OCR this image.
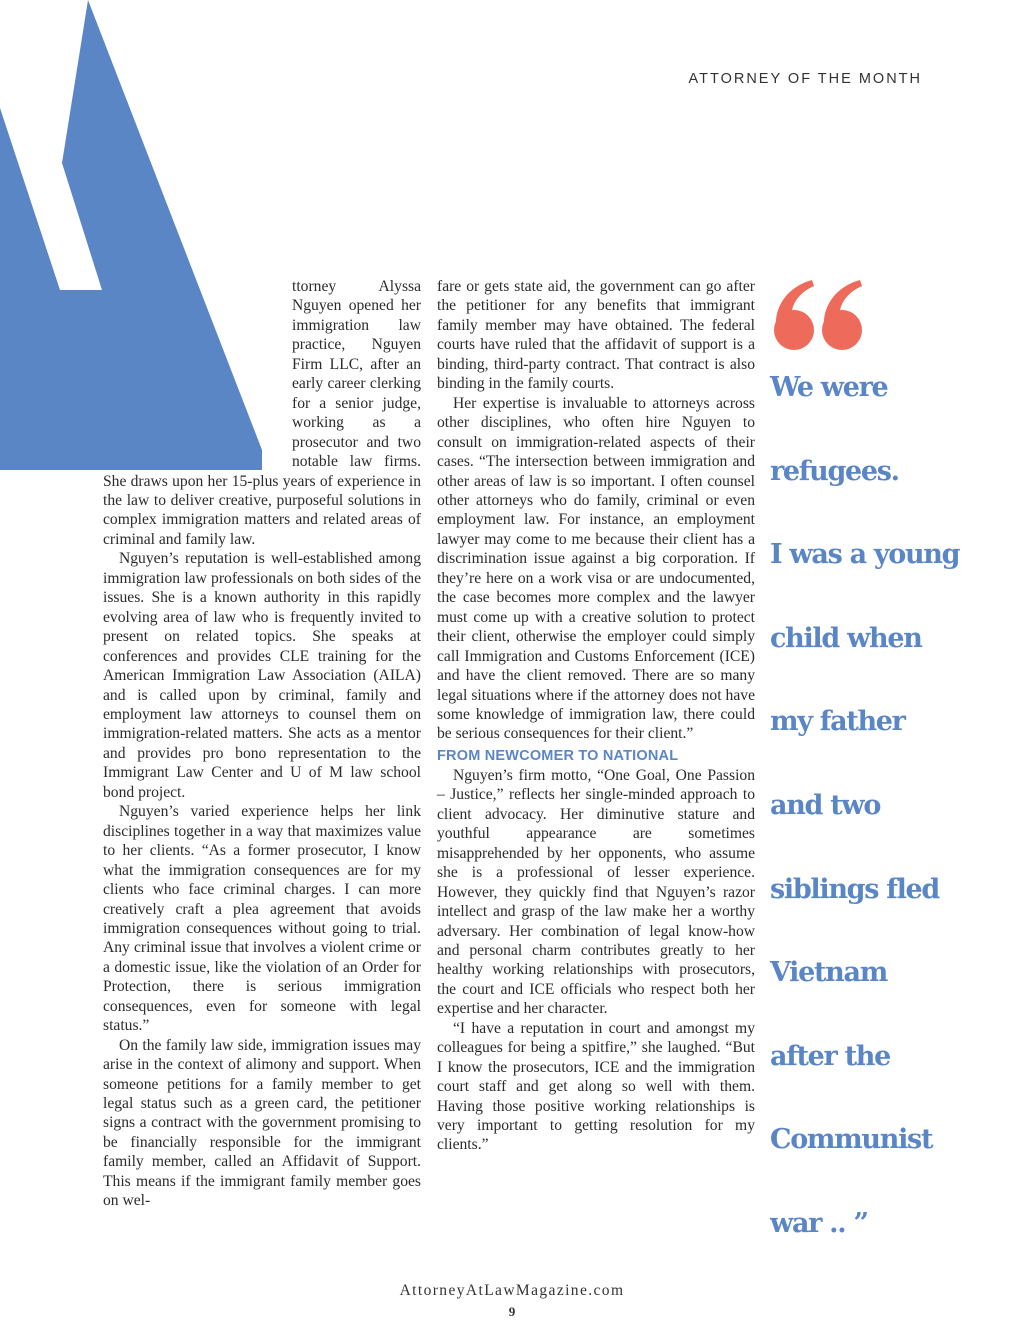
ATTORNEY OF THE MONTH

ttorney Alyssa Nguyen opened her immigration law practice, Nguyen Firm LLC, after an early career clerking for a senior judge, working as a prosecutor and two notable law firms. She draws upon her 15-plus years of experience in the law to deliver creative, purposeful solutions in complex immigration matters and related areas of criminal and family law.

Nguyen’s reputation is well-established among immigration law professionals on both sides of the issues. She is a known authority in this rapidly evolving area of law who is frequently invited to present on related topics. She speaks at conferences and provides CLE training for the American Immigration Law Association (AILA) and is called upon by criminal, family and employment law attorneys to counsel them on immigration-related matters. She acts as a mentor and provides pro bono representation to the Immigrant Law Center and U of M law school bond project.

Nguyen’s varied experience helps her link disciplines together in a way that maximizes value to her clients. “As a former prosecutor, I know what the immigration consequences are for my clients who face criminal charges. I can more creatively craft a plea agreement that avoids immigration consequences without going to trial. Any criminal issue that involves a violent crime or a domestic issue, like the violation of an Order for Protection, there is serious immigration consequences, even for someone with legal status.”

On the family law side, immigration issues may arise in the context of alimony and support. When someone petitions for a family member to get legal status such as a green card, the petitioner signs a contract with the government promising to be financially responsible for the immigrant family member, called an Affidavit of Support. This means if the immigrant family member goes on wel-

fare or gets state aid, the government can go after the petitioner for any benefits that immigrant family member may have obtained. The federal courts have ruled that the affidavit of support is a binding, third-party contract. That contract is also binding in the family courts.

Her expertise is invaluable to attorneys across other disciplines, who often hire Nguyen to consult on immigration-related aspects of their cases. “The intersection between immigration and other areas of law is so important. I often counsel other attorneys who do family, criminal or even employment law. For instance, an employment lawyer may come to me because their client has a discrimination issue against a big corporation. If they’re here on a work visa or are undocumented, the case becomes more complex and the lawyer must come up with a creative solution to protect their client, otherwise the employer could simply call Immigration and Customs Enforcement (ICE) and have the client removed. There are so many legal situations where if the attorney does not have some knowledge of immigration law, there could be serious consequences for their client.”

FROM NEWCOMER TO NATIONAL

Nguyen’s firm motto, “One Goal, One Passion – Justice,” reflects her single-minded approach to client advocacy. Her diminutive stature and youthful appearance are sometimes misapprehended by her opponents, who assume she is a professional of lesser experience. However, they quickly find that Nguyen’s razor intellect and grasp of the law make her a worthy adversary. Her combination of legal know-how and personal charm contributes greatly to her healthy working relationships with prosecutors, the court and ICE officials who respect both her expertise and her character.

“I have a reputation in court and amongst my colleagues for being a spitfire,” she laughed. “But I know the prosecutors, ICE and the immigration court staff and get along so well with them. Having those positive working relationships is very important to getting resolution for my clients.”

We were
refugees.
I was a young
child when
my father
and two
siblings fled
Vietnam
after the
Communist
war .. ”
AttorneyAtLawMagazine.com
9
